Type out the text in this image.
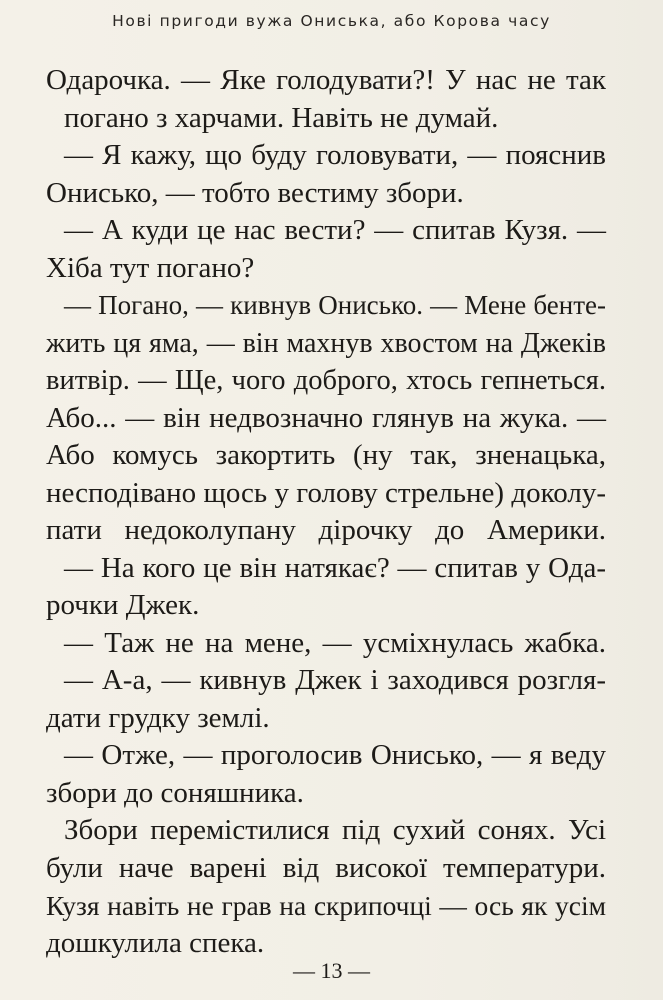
Нові пригоди вужа Ониська, або Корова часу
Одарочка. — Яке голодувати?! У нас не так
погано з харчами. Навіть не думай.
— Я кажу, що буду головувати, — пояснив
Онисько, — тобто вестиму збори.
— А куди це нас вести? — спитав Кузя. —
Хіба тут погано?
— Погано, — кивнув Онисько. — Мене бенте-
жить ця яма, — він махнув хвостом на Джеків
витвір. — Ще, чого доброго, хтось гепнеться.
Або... — він недвозначно глянув на жука. —
Або комусь закортить (ну так, зненацька,
несподівано щось у голову стрельне) доколу-
пати недоколупану дірочку до Америки.
— На кого це він натякає? — спитав у Ода-
рочки Джек.
— Таж не на мене, — усміхнулась жабка.
— А-а, — кивнув Джек і заходився розгля-
дати грудку землі.
— Отже, — проголосив Онисько, — я веду
збори до соняшника.
Збори перемістилися під сухий сонях. Усі
були наче варені від високої температури.
Кузя навіть не грав на скрипочці — ось як усім
дошкулила спека.
— 13 —
